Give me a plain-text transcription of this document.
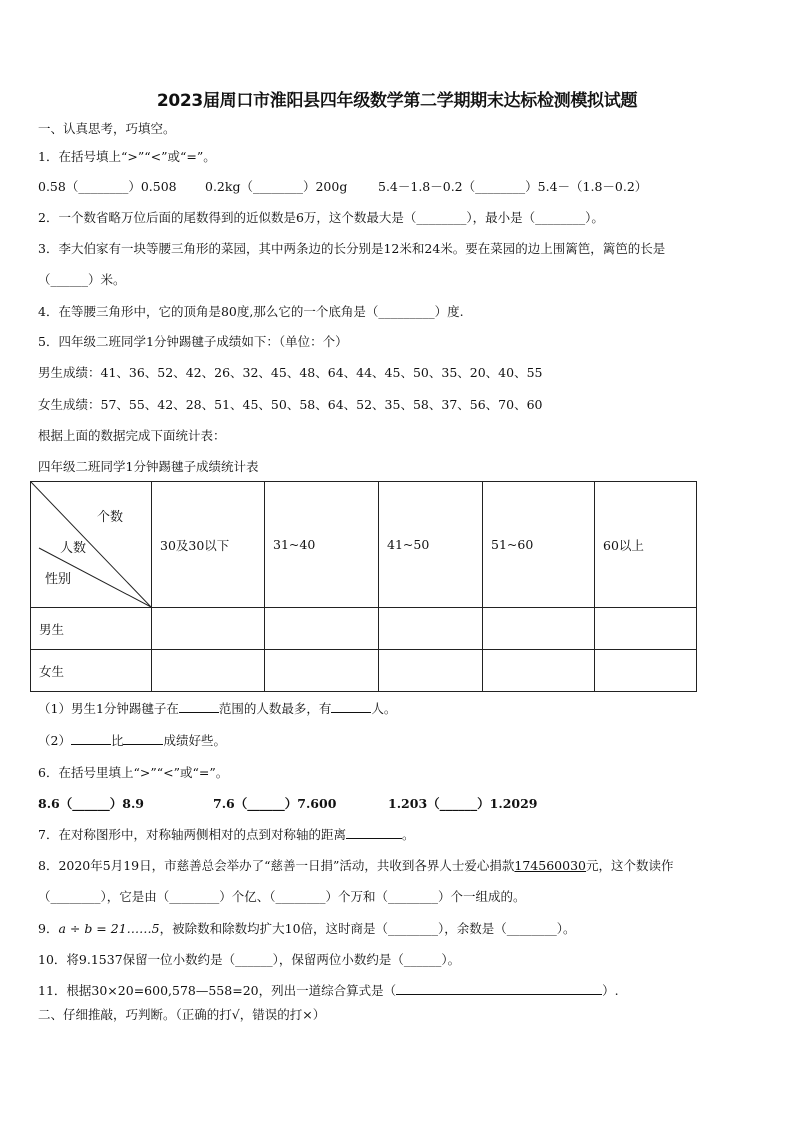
2023届周口市淮阳县四年级数学第二学期期末达标检测模拟试题
一、认真思考，巧填空。
1．在括号填上“>”“<”或“=”。
0.58（________）0.508 0.2kg（________）200g 5.4－1.8－0.2（________）5.4－（1.8－0.2）
2．一个数省略万位后面的尾数得到的近似数是6万，这个数最大是（________），最小是（________）。
3．李大伯家有一块等腰三角形的菜园，其中两条边的长分别是12米和24米。要在菜园的边上围篱笆，篱笆的长是
（______）米。
4．在等腰三角形中，它的顶角是80度,那么它的一个底角是（_________）度.
5．四年级二班同学1分钟踢毽子成绩如下：（单位：个）
男生成绩：41、36、52、42、26、32、45、48、64、44、45、50、35、20、40、55
女生成绩：57、55、42、28、51、45、50、58、64、52、35、58、37、56、70、60
根据上面的数据完成下面统计表：
四年级二班同学1分钟踢毽子成绩统计表
个数
人数
性别	30及30以下	31~40	41~50	51~60	60以上
男生					
女生					
（1）男生1分钟踢毽子在	范围的人数最多，有	人。
（2）	比	成绩好些。
6．在括号里填上“>”“<”或“=”。
8.6（______）8.9	7.6（______）7.600	1.203（______）1.2029
7．在对称图形中，对称轴两侧相对的点到对称轴的距离	。
8．2020年5月19日，市慈善总会举办了“慈善一日捐”活动，共收到各界人士爱心捐款174560030元，这个数读作
（________），它是由（________）个亿、（________）个万和（________）个一组成的。
9．a ÷ b = 21……5，被除数和除数均扩大10倍，这时商是（________），余数是（________）。
10．将9.1537保留一位小数约是（______），保留两位小数约是（______）。
11．根据30×20=600,578—558=20，列出一道综合算式是（	）.
二、仔细推敲，巧判断。（正确的打√，错误的打×）
